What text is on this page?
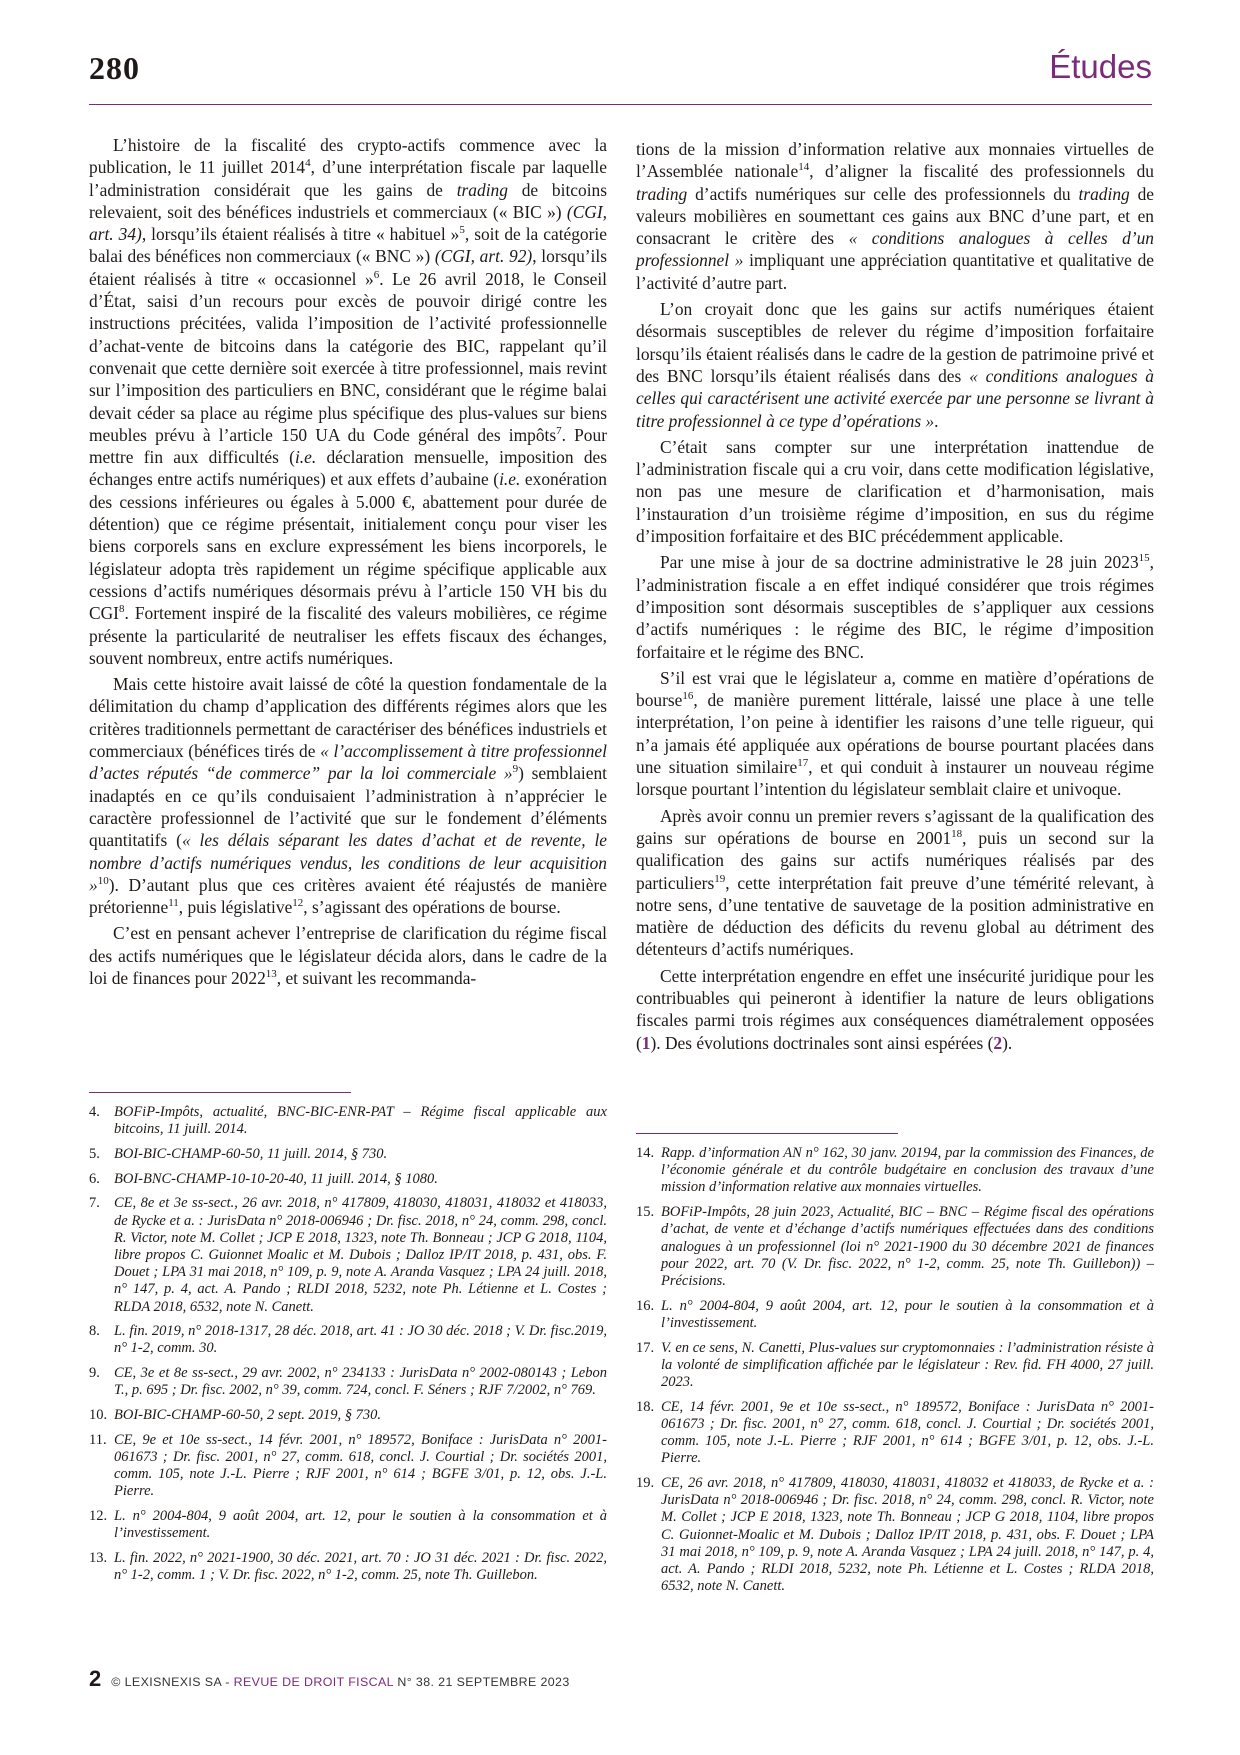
280	Études

L’histoire de la fiscalité des crypto-actifs commence avec la publication, le 11 juillet 2014$^4$, d’une interprétation fiscale par laquelle l’administration considérait que les gains de trading de bitcoins relevaient, soit des bénéfices industriels et commerciaux (« BIC ») (CGI, art. 34), lorsqu’ils étaient réalisés à titre « habituel »$^5$, soit de la catégorie balai des bénéfices non commerciaux (« BNC ») (CGI, art. 92), lorsqu’ils étaient réalisés à titre « occasionnel »$^6$. Le 26 avril 2018, le Conseil d’État, saisi d’un recours pour excès de pouvoir dirigé contre les instructions précitées, valida l’imposition de l’activité professionnelle d’achat-vente de bitcoins dans la catégorie des BIC, rappelant qu’il convenait que cette dernière soit exercée à titre professionnel, mais revint sur l’imposition des particuliers en BNC, considérant que le régime balai devait céder sa place au régime plus spécifique des plus-values sur biens meubles prévu à l’article 150 UA du Code général des impôts$^7$. Pour mettre fin aux difficultés (i.e. déclaration mensuelle, imposition des échanges entre actifs numériques) et aux effets d’aubaine (i.e. exonération des cessions inférieures ou égales à 5.000 €, abattement pour durée de détention) que ce régime présentait, initialement conçu pour viser les biens corporels sans en exclure expressément les biens incorporels, le législateur adopta très rapidement un régime spécifique applicable aux cessions d’actifs numériques désormais prévu à l’article 150 VH bis du CGI$^8$. Fortement inspiré de la fiscalité des valeurs mobilières, ce régime présente la particularité de neutraliser les effets fiscaux des échanges, souvent nombreux, entre actifs numériques.

Mais cette histoire avait laissé de côté la question fondamentale de la délimitation du champ d’application des différents régimes alors que les critères traditionnels permettant de caractériser des bénéfices industriels et commerciaux (bénéfices tirés de « l’accomplissement à titre professionnel d’actes réputés “de commerce” par la loi commerciale »$^9$) semblaient inadaptés en ce qu’ils conduisaient l’administration à n’apprécier le caractère professionnel de l’activité que sur le fondement d’éléments quantitatifs (« les délais séparant les dates d’achat et de revente, le nombre d’actifs numériques vendus, les conditions de leur acquisition »$^{10}$). D’autant plus que ces critères avaient été réajustés de manière prétorienne$^{11}$, puis législative$^{12}$, s’agissant des opérations de bourse.

C’est en pensant achever l’entreprise de clarification du régime fiscal des actifs numériques que le législateur décida alors, dans le cadre de la loi de finances pour 2022$^{13}$, et suivant les recommanda-

tions de la mission d’information relative aux monnaies virtuelles de l’Assemblée nationale$^{14}$, d’aligner la fiscalité des professionnels du trading d’actifs numériques sur celle des professionnels du trading de valeurs mobilières en soumettant ces gains aux BNC d’une part, et en consacrant le critère des « conditions analogues à celles d’un professionnel » impliquant une appréciation quantitative et qualitative de l’activité d’autre part.

L’on croyait donc que les gains sur actifs numériques étaient désormais susceptibles de relever du régime d’imposition forfaitaire lorsqu’ils étaient réalisés dans le cadre de la gestion de patrimoine privé et des BNC lorsqu’ils étaient réalisés dans des « conditions analogues à celles qui caractérisent une activité exercée par une personne se livrant à titre professionnel à ce type d’opérations ».

C’était sans compter sur une interprétation inattendue de l’administration fiscale qui a cru voir, dans cette modification législative, non pas une mesure de clarification et d’harmonisation, mais l’instauration d’un troisième régime d’imposition, en sus du régime d’imposition forfaitaire et des BIC précédemment applicable.

Par une mise à jour de sa doctrine administrative le 28 juin 2023$^{15}$, l’administration fiscale a en effet indiqué considérer que trois régimes d’imposition sont désormais susceptibles de s’appliquer aux cessions d’actifs numériques : le régime des BIC, le régime d’imposition forfaitaire et le régime des BNC.

S’il est vrai que le législateur a, comme en matière d’opérations de bourse$^{16}$, de manière purement littérale, laissé une place à une telle interprétation, l’on peine à identifier les raisons d’une telle rigueur, qui n’a jamais été appliquée aux opérations de bourse pourtant placées dans une situation similaire$^{17}$, et qui conduit à instaurer un nouveau régime lorsque pourtant l’intention du législateur semblait claire et univoque.

Après avoir connu un premier revers s’agissant de la qualification des gains sur opérations de bourse en 2001$^{18}$, puis un second sur la qualification des gains sur actifs numériques réalisés par des particuliers$^{19}$, cette interprétation fait preuve d’une témérité relevant, à notre sens, d’une tentative de sauvetage de la position administrative en matière de déduction des déficits du revenu global au détriment des détenteurs d’actifs numériques.

Cette interprétation engendre en effet une insécurité juridique pour les contribuables qui peineront à identifier la nature de leurs obligations fiscales parmi trois régimes aux conséquences diamétralement opposées (1). Des évolutions doctrinales sont ainsi espérées (2).

4. BOFiP-Impôts, actualité, BNC-BIC-ENR-PAT – Régime fiscal applicable aux bitcoins, 11 juill. 2014.
5. BOI-BIC-CHAMP-60-50, 11 juill. 2014, § 730.
6. BOI-BNC-CHAMP-10-10-20-40, 11 juill. 2014, § 1080.
7. CE, 8e et 3e ss-sect., 26 avr. 2018, n° 417809, 418030, 418031, 418032 et 418033, de Rycke et a. : JurisData n° 2018-006946 ; Dr. fisc. 2018, n° 24, comm. 298, concl. R. Victor, note M. Collet ; JCP E 2018, 1323, note Th. Bonneau ; JCP G 2018, 1104, libre propos C. Guionnet Moalic et M. Dubois ; Dalloz IP/IT 2018, p. 431, obs. F. Douet ; LPA 31 mai 2018, n° 109, p. 9, note A. Aranda Vasquez ; LPA 24 juill. 2018, n° 147, p. 4, act. A. Pando ; RLDI 2018, 5232, note Ph. Létienne et L. Costes ; RLDA 2018, 6532, note N. Canett.
8. L. fin. 2019, n° 2018-1317, 28 déc. 2018, art. 41 : JO 30 déc. 2018 ; V. Dr. fisc.2019, n° 1-2, comm. 30.
9. CE, 3e et 8e ss-sect., 29 avr. 2002, n° 234133 : JurisData n° 2002-080143 ; Lebon T., p. 695 ; Dr. fisc. 2002, n° 39, comm. 724, concl. F. Séners ; RJF 7/2002, n° 769.
10. BOI-BIC-CHAMP-60-50, 2 sept. 2019, § 730.
11. CE, 9e et 10e ss-sect., 14 févr. 2001, n° 189572, Boniface : JurisData n° 2001-061673 ; Dr. fisc. 2001, n° 27, comm. 618, concl. J. Courtial ; Dr. sociétés 2001, comm. 105, note J.-L. Pierre ; RJF 2001, n° 614 ; BGFE 3/01, p. 12, obs. J.-L. Pierre.
12. L. n° 2004-804, 9 août 2004, art. 12, pour le soutien à la consommation et à l’investissement.
13. L. fin. 2022, n° 2021-1900, 30 déc. 2021, art. 70 : JO 31 déc. 2021 : Dr. fisc. 2022, n° 1-2, comm. 1 ; V. Dr. fisc. 2022, n° 1-2, comm. 25, note Th. Guillebon.
14. Rapp. d’information AN n° 162, 30 janv. 20194, par la commission des Finances, de l’économie générale et du contrôle budgétaire en conclusion des travaux d’une mission d’information relative aux monnaies virtuelles.
15. BOFiP-Impôts, 28 juin 2023, Actualité, BIC – BNC – Régime fiscal des opérations d’achat, de vente et d’échange d’actifs numériques effectuées dans des conditions analogues à un professionnel (loi n° 2021-1900 du 30 décembre 2021 de finances pour 2022, art. 70 (V. Dr. fisc. 2022, n° 1-2, comm. 25, note Th. Guillebon)) – Précisions.
16. L. n° 2004-804, 9 août 2004, art. 12, pour le soutien à la consommation et à l’investissement.
17. V. en ce sens, N. Canetti, Plus-values sur cryptomonnaies : l’administration résiste à la volonté de simplification affichée par le législateur : Rev. fid. FH 4000, 27 juill. 2023.
18. CE, 14 févr. 2001, 9e et 10e ss-sect., n° 189572, Boniface : JurisData n° 2001-061673 ; Dr. fisc. 2001, n° 27, comm. 618, concl. J. Courtial ; Dr. sociétés 2001, comm. 105, note J.-L. Pierre ; RJF 2001, n° 614 ; BGFE 3/01, p. 12, obs. J.-L. Pierre.
19. CE, 26 avr. 2018, n° 417809, 418030, 418031, 418032 et 418033, de Rycke et a. : JurisData n° 2018-006946 ; Dr. fisc. 2018, n° 24, comm. 298, concl. R. Victor, note M. Collet ; JCP E 2018, 1323, note Th. Bonneau ; JCP G 2018, 1104, libre propos C. Guionnet-Moalic et M. Dubois ; Dalloz IP/IT 2018, p. 431, obs. F. Douet ; LPA 31 mai 2018, n° 109, p. 9, note A. Aranda Vasquez ; LPA 24 juill. 2018, n° 147, p. 4, act. A. Pando ; RLDI 2018, 5232, note Ph. Létienne et L. Costes ; RLDA 2018, 6532, note N. Canett.
2 © LEXISNEXIS SA - REVUE DE DROIT FISCAL N° 38. 21 SEPTEMBRE 2023
